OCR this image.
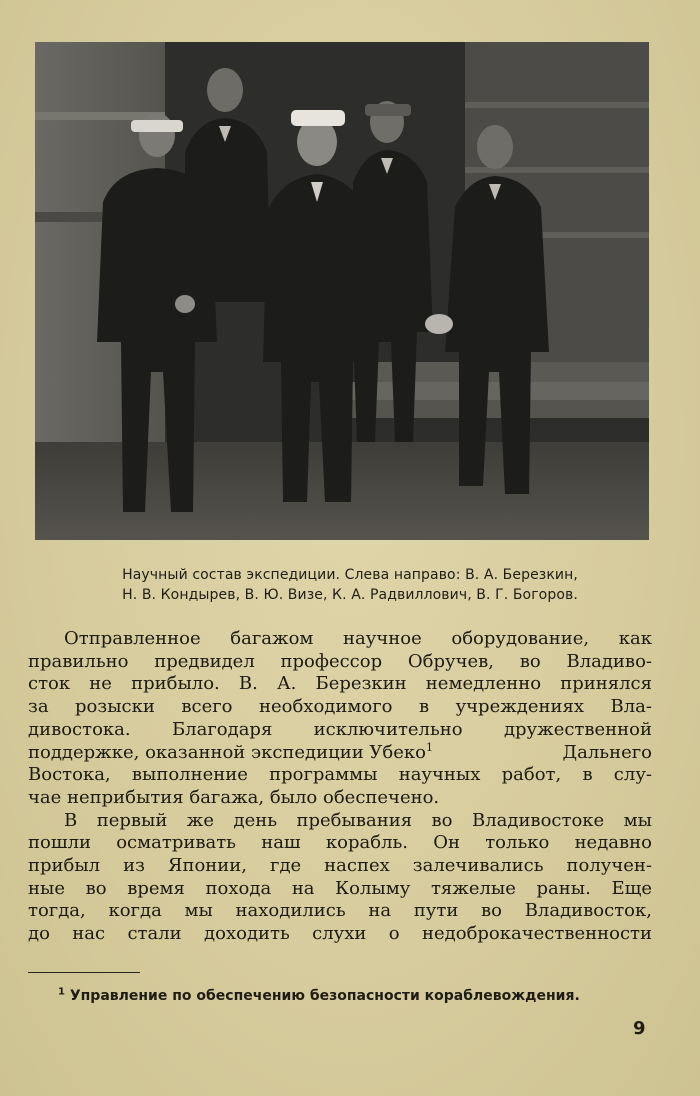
Научный состав экспедиции. Слева направо: В. А. Березкин,
Н. В. Кондырев, В. Ю. Визе, К. А. Радвиллович, В. Г. Богоров.
Отправленное багажом научное оборудование, как
правильно предвидел профессор Обручев, во Владиво-
сток не прибыло. В. А. Березкин немедленно принялся
за розыски всего необходимого в учреждениях Вла-
дивостока. Благодаря исключительно дружественной
поддержке, оказанной экспедиции Убеко$^1$	Дальнего
Востока, выполнение программы научных работ, в слу-
чае неприбытия багажа, было обеспечено.
В первый же день пребывания во Владивостоке мы
пошли осматривать наш корабль. Он только недавно
прибыл из Японии, где наспех залечивались получен-
ные во время похода на Колыму тяжелые раны. Еще
тогда, когда мы находились на пути во Владивосток,
до нас стали доходить слухи о недоброкачественности
$^1$ Управление по обеспечению безопасности кораблевождения.
9
